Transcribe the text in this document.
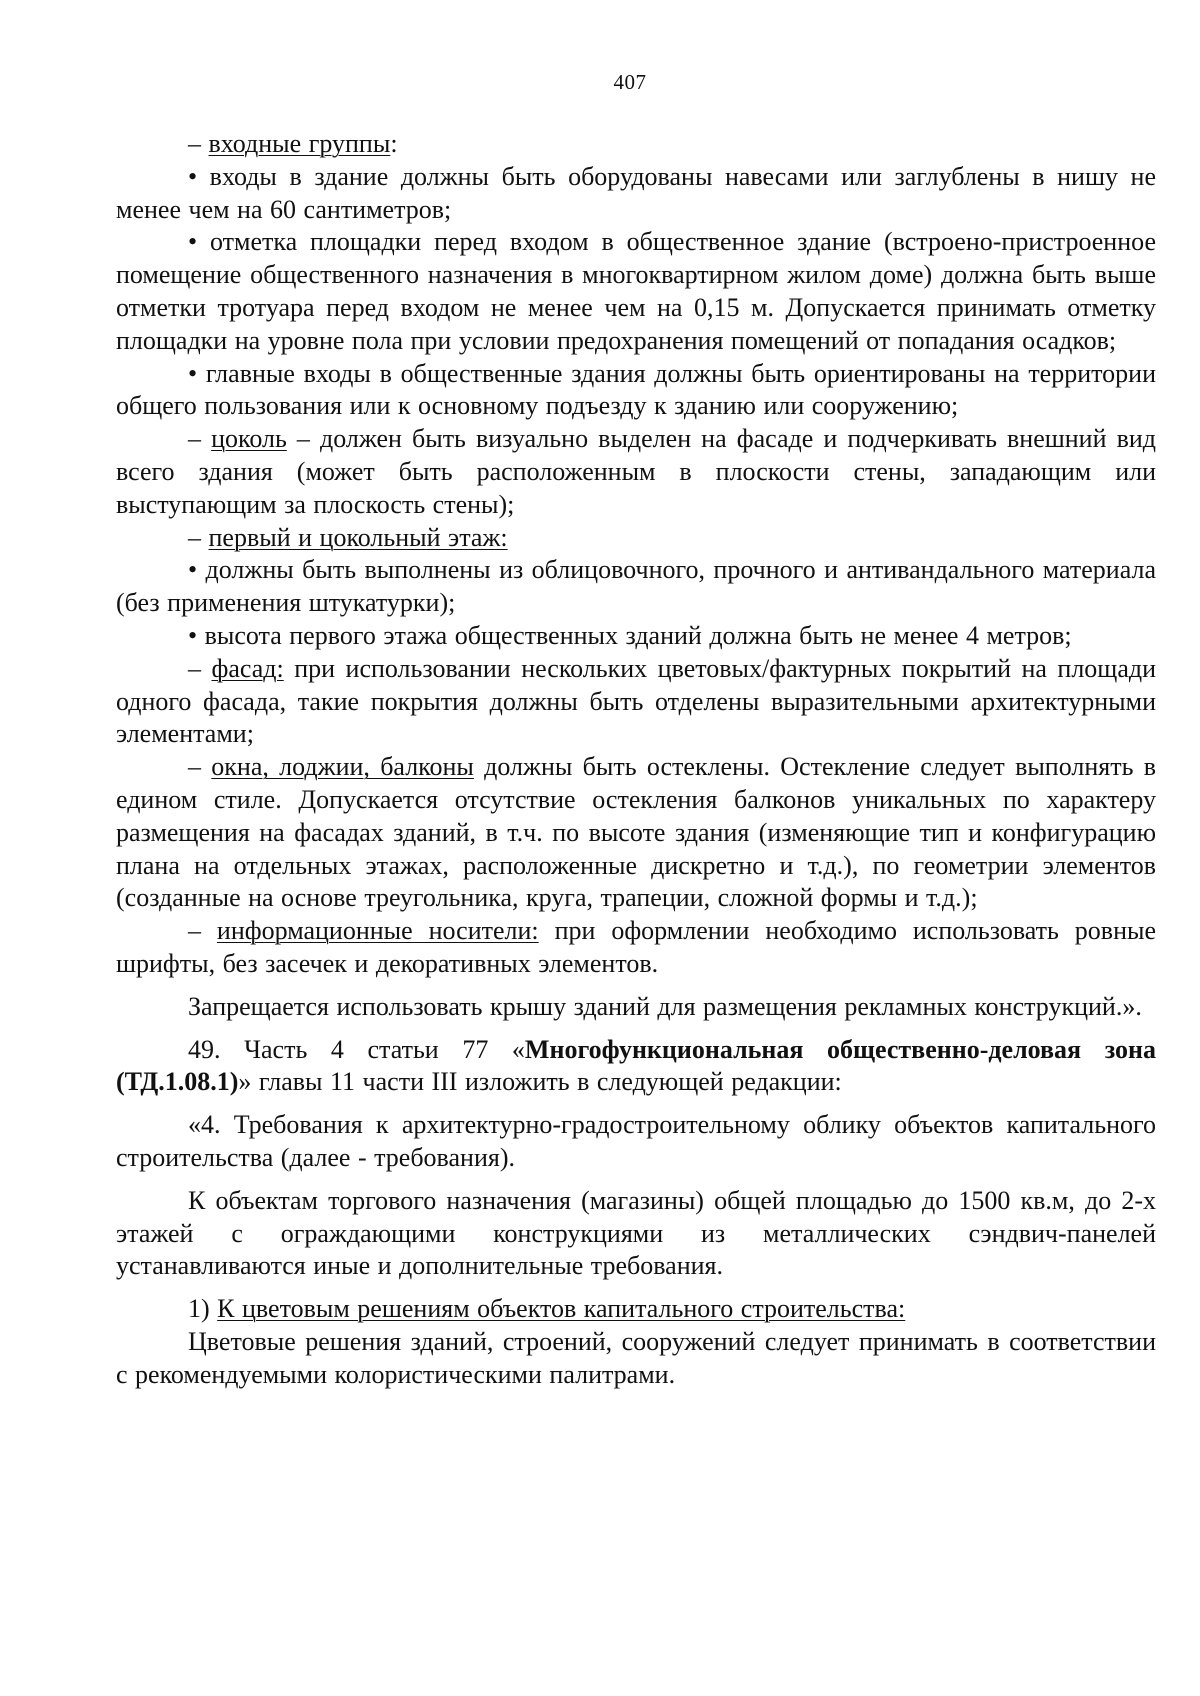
407

– входные группы:

• входы в здание должны быть оборудованы навесами или заглублены в нишу не менее чем на 60 сантиметров;

• отметка площадки перед входом в общественное здание (встроено-пристроенное помещение общественного назначения в многоквартирном жилом доме) должна быть выше отметки тротуара перед входом не менее чем на 0,15 м. Допускается принимать отметку площадки на уровне пола при условии предохранения помещений от попадания осадков;

• главные входы в общественные здания должны быть ориентированы на территории общего пользования или к основному подъезду к зданию или сооружению;

– цоколь – должен быть визуально выделен на фасаде и подчеркивать внешний вид всего здания (может быть расположенным в плоскости стены, западающим или выступающим за плоскость стены);

– первый и цокольный этаж:

• должны быть выполнены из облицовочного, прочного и антивандального материала (без применения штукатурки);

• высота первого этажа общественных зданий должна быть не менее 4 метров;

– фасад: при использовании нескольких цветовых/фактурных покрытий на площади одного фасада, такие покрытия должны быть отделены выразительными архитектурными элементами;

– окна, лоджии, балконы должны быть остеклены. Остекление следует выполнять в едином стиле. Допускается отсутствие остекления балконов уникальных по характеру размещения на фасадах зданий, в т.ч. по высоте здания (изменяющие тип и конфигурацию плана на отдельных этажах, расположенные дискретно и т.д.), по геометрии элементов (созданные на основе треугольника, круга, трапеции, сложной формы и т.д.);

– информационные носители: при оформлении необходимо использовать ровные шрифты, без засечек и декоративных элементов.

Запрещается использовать крышу зданий для размещения рекламных конструкций.».

49. Часть 4 статьи 77 «Многофункциональная общественно-деловая зона (ТД.1.08.1)» главы 11 части III изложить в следующей редакции:

«4. Требования к архитектурно-градостроительному облику объектов капитального строительства (далее - требования).

К объектам торгового назначения (магазины) общей площадью до 1500 кв.м, до 2-х этажей с ограждающими конструкциями из металлических сэндвич-панелей устанавливаются иные и дополнительные требования.

1) К цветовым решениям объектов капитального строительства:

Цветовые решения зданий, строений, сооружений следует принимать в соответствии с рекомендуемыми колористическими палитрами.
